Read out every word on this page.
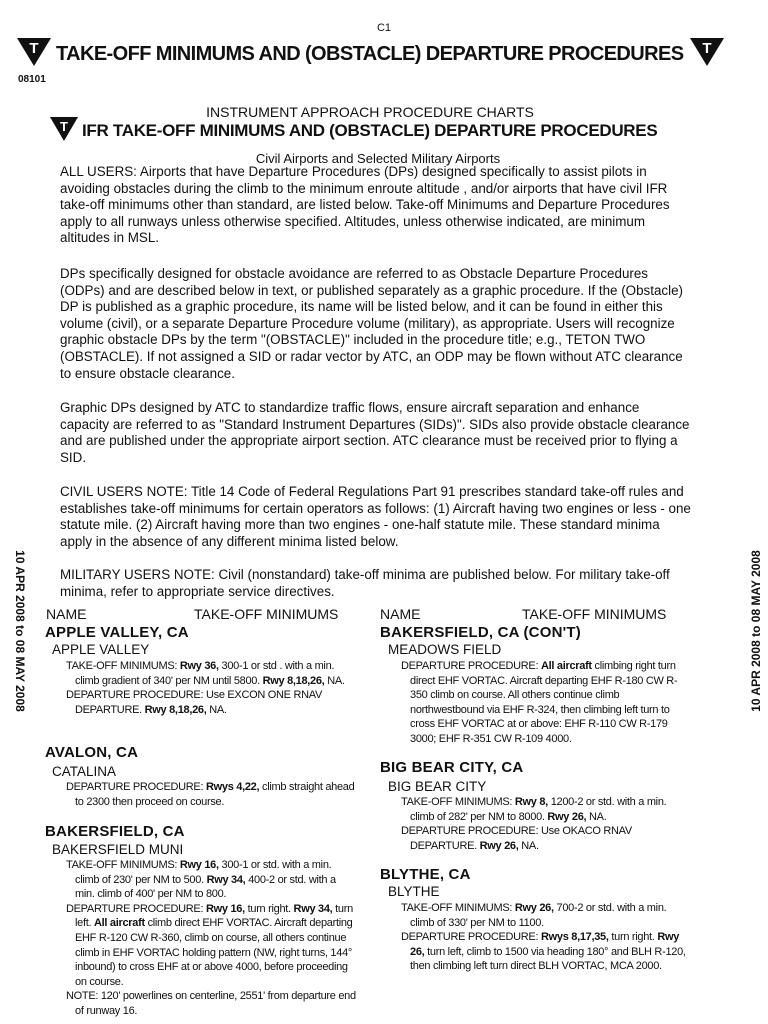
C1
T TAKE-OFF MINIMUMS AND (OBSTACLE) DEPARTURE PROCEDURES T
08101
INSTRUMENT APPROACH PROCEDURE CHARTS
T IFR TAKE-OFF MINIMUMS AND (OBSTACLE) DEPARTURE PROCEDURES
Civil Airports and Selected Military Airports
ALL USERS: Airports that have Departure Procedures (DPs) designed specifically to assist pilots in avoiding obstacles during the climb to the minimum enroute altitude , and/or airports that have civil IFR take-off minimums other than standard, are listed below. Take-off Minimums and Departure Procedures apply to all runways unless otherwise specified. Altitudes, unless otherwise indicated, are minimum altitudes in MSL.
DPs specifically designed for obstacle avoidance are referred to as Obstacle Departure Procedures (ODPs) and are described below in text, or published separately as a graphic procedure. If the (Obstacle) DP is published as a graphic procedure, its name will be listed below, and it can be found in either this volume (civil), or a separate Departure Procedure volume (military), as appropriate. Users will recognize graphic obstacle DPs by the term "(OBSTACLE)" included in the procedure title; e.g., TETON TWO (OBSTACLE). If not assigned a SID or radar vector by ATC, an ODP may be flown without ATC clearance to ensure obstacle clearance.
Graphic DPs designed by ATC to standardize traffic flows, ensure aircraft separation and enhance capacity are referred to as "Standard Instrument Departures (SIDs)". SIDs also provide obstacle clearance and are published under the appropriate airport section. ATC clearance must be received prior to flying a SID.
CIVIL USERS NOTE: Title 14 Code of Federal Regulations Part 91 prescribes standard take-off rules and establishes take-off minimums for certain operators as follows: (1) Aircraft having two engines or less - one statute mile. (2) Aircraft having more than two engines - one-half statute mile. These standard minima apply in the absence of any different minima listed below.
MILITARY USERS NOTE: Civil (nonstandard) take-off minima are published below. For military take-off minima, refer to appropriate service directives.
10 APR 2008 to 08 MAY 2008	10 APR 2008 to 08 MAY 2008
NAME	TAKE-OFF MINIMUMS	NAME	TAKE-OFF MINIMUMS
APPLE VALLEY, CA
APPLE VALLEY

TAKE-OFF MINIMUMS: Rwy 36, 300-1 or std . with a min. climb gradient of 340' per NM until 5800. Rwy 8,18,26, NA.

DEPARTURE PROCEDURE: Use EXCON ONE RNAV DEPARTURE. Rwy 8,18,26, NA.

AVALON, CA
CATALINA

DEPARTURE PROCEDURE: Rwys 4,22, climb straight ahead to 2300 then proceed on course.

BAKERSFIELD, CA
BAKERSFIELD MUNI

TAKE-OFF MINIMUMS: Rwy 16, 300-1 or std. with a min. climb of 230' per NM to 500. Rwy 34, 400-2 or std. with a min. climb of 400' per NM to 800.

DEPARTURE PROCEDURE: Rwy 16, turn right. Rwy 34, turn left. All aircraft climb direct EHF VORTAC. Aircraft departing EHF R-120 CW R-360, climb on course, all others continue climb in EHF VORTAC holding pattern (NW, right turns, 144° inbound) to cross EHF at or above 4000, before proceeding on course.

NOTE: 120' powerlines on centerline, 2551' from departure end of runway 16.

BAKERSFIELD, CA (CON'T)
MEADOWS FIELD

DEPARTURE PROCEDURE: All aircraft climbing right turn direct EHF VORTAC. Aircraft departing EHF R-180 CW R-350 climb on course. All others continue climb northwestbound via EHF R-324, then climbing left turn to cross EHF VORTAC at or above: EHF R-110 CW R-179 3000; EHF R-351 CW R-109 4000.

BIG BEAR CITY, CA
BIG BEAR CITY

TAKE-OFF MINIMUMS: Rwy 8, 1200-2 or std. with a min. climb of 282' per NM to 8000. Rwy 26, NA.

DEPARTURE PROCEDURE: Use OKACO RNAV DEPARTURE. Rwy 26, NA.

BLYTHE, CA
BLYTHE

TAKE-OFF MINIMUMS: Rwy 26, 700-2 or std. with a min. climb of 330' per NM to 1100.

DEPARTURE PROCEDURE: Rwys 8,17,35, turn right. Rwy 26, turn left, climb to 1500 via heading 180° and BLH R-120, then climbing left turn direct BLH VORTAC, MCA 2000.
